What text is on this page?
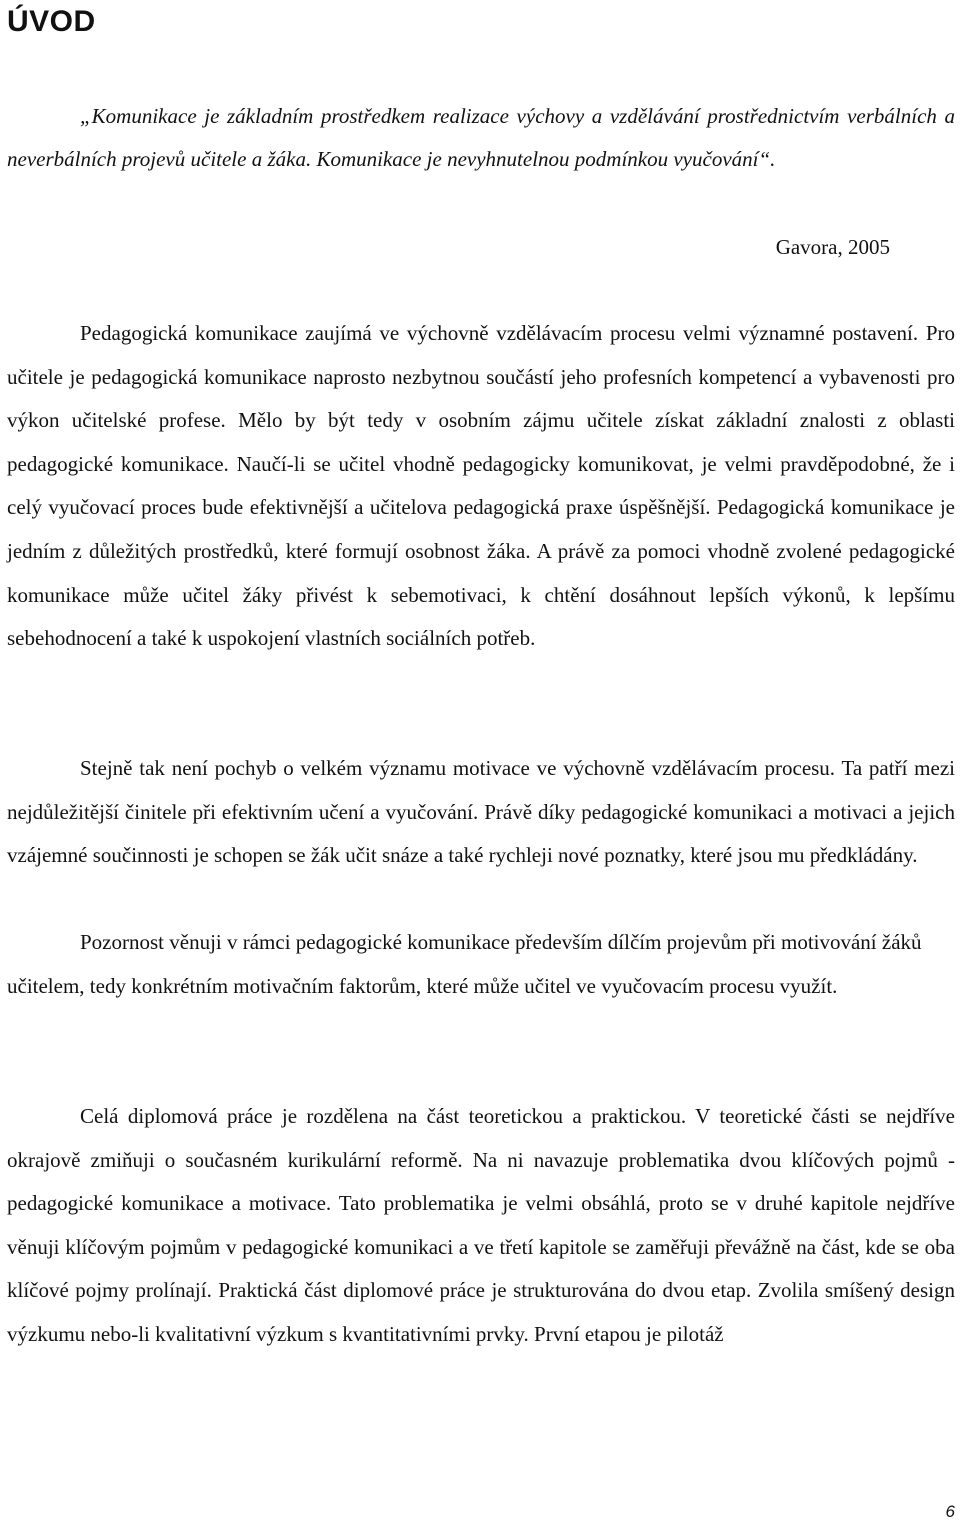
ÚVOD

„Komunikace je základním prostředkem realizace výchovy a vzdělávání prostřednictvím verbálních a neverbálních projevů učitele a žáka. Komunikace je nevyhnutelnou podmínkou vyučování“.

Gavora, 2005

Pedagogická komunikace zaujímá ve výchovně vzdělávacím procesu velmi významné postavení. Pro učitele je pedagogická komunikace naprosto nezbytnou součástí jeho profesních kompetencí a vybavenosti pro výkon učitelské profese. Mělo by být tedy v osobním zájmu učitele získat základní znalosti z oblasti pedagogické komunikace. Naučí-li se učitel vhodně pedagogicky komunikovat, je velmi pravděpodobné, že i celý vyučovací proces bude efektivnější a učitelova pedagogická praxe úspěšnější. Pedagogická komunikace je jedním z důležitých prostředků, které formují osobnost žáka. A právě za pomoci vhodně zvolené pedagogické komunikace může učitel žáky přivést k sebemotivaci, k chtění dosáhnout lepších výkonů, k lepšímu sebehodnocení a také k uspokojení vlastních sociálních potřeb.

Stejně tak není pochyb o velkém významu motivace ve výchovně vzdělávacím procesu. Ta patří mezi nejdůležitější činitele při efektivním učení a vyučování. Právě díky pedagogické komunikaci a motivaci a jejich vzájemné součinnosti je schopen se žák učit snáze a také rychleji nové poznatky, které jsou mu předkládány.

Pozornost věnuji v rámci pedagogické komunikace především dílčím projevům při motivování žáků učitelem, tedy konkrétním motivačním faktorům, které může učitel ve vyučovacím procesu využít.

Celá diplomová práce je rozdělena na část teoretickou a praktickou. V teoretické části se nejdříve okrajově zmiňuji o současném kurikulární reformě. Na ni navazuje problematika dvou klíčových pojmů - pedagogické komunikace a motivace. Tato problematika je velmi obsáhlá, proto se v druhé kapitole nejdříve věnuji klíčovým pojmům v pedagogické komunikaci a ve třetí kapitole se zaměřuji převážně na část, kde se oba klíčové pojmy prolínají. Praktická část diplomové práce je strukturována do dvou etap. Zvolila smíšený design výzkumu nebo-li kvalitativní výzkum s kvantitativními prvky. První etapou je pilotáž

6
